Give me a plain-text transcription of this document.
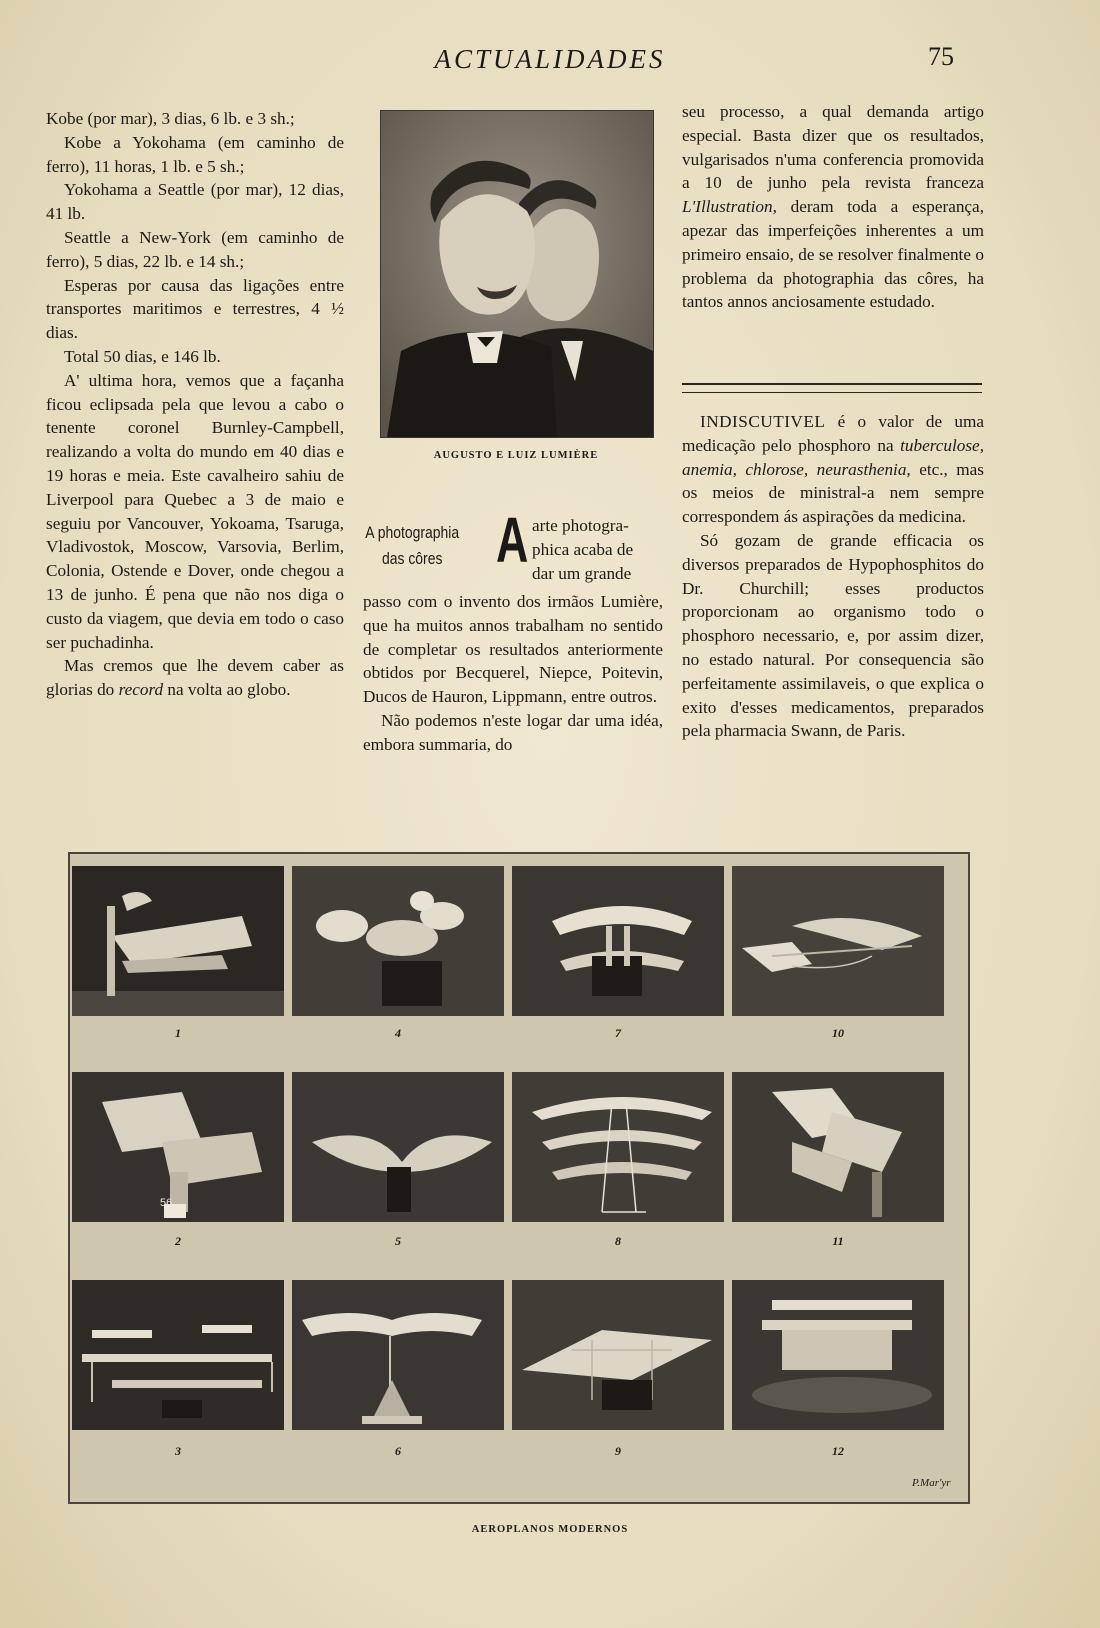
ACTUALIDADES	75

Kobe (por mar), 3 dias, 6 lb. e 3 sh.;

Kobe a Yokohama (em caminho de ferro), 11 horas, 1 lb. e 5 sh.;

Yokohama a Seattle (por mar), 12 dias, 41 lb.

Seattle a New-York (em caminho de ferro), 5 dias, 22 lb. e 14 sh.;

Esperas por causa das ligações entre transportes maritimos e terrestres, 4 ½ dias.

Total 50 dias, e 146 lb.

A' ultima hora, vemos que a façanha ficou eclipsada pela que levou a cabo o tenente coronel Burnley-Campbell, realizando a volta do mundo em 40 dias e 19 horas e meia. Este cavalheiro sahiu de Liverpool para Quebec a 3 de maio e seguiu por Vancouver, Yokoama, Tsaruga, Vladivostok, Moscow, Varsovia, Berlim, Colonia, Ostende e Dover, onde chegou a 13 de junho. É pena que não nos diga o custo da viagem, que devia em todo o caso ser puchadinha.

Mas cremos que lhe devem caber as glorias do record na volta ao globo.

AUGUSTO E LUIZ LUMIÈRE
A photographia
das côres A arte photogra-
phica acaba de
dar um grande

passo com o invento dos irmãos Lumière, que ha muitos annos trabalham no sentido de completar os resultados anteriormente obtidos por Becquerel, Niepce, Poitevin, Ducos de Hauron, Lippmann, entre outros.

Não podemos n'este logar dar uma idéa, embora summaria, do

seu processo, a qual demanda artigo especial. Basta dizer que os resultados, vulgarisados n'uma conferencia promovida a 10 de junho pela revista franceza L'Illustration, deram toda a esperança, apezar das imperfeições inherentes a um primeiro ensaio, de se resolver finalmente o problema da photographia das côres, ha tantos annos anciosamente estudado.

INDISCUTIVEL é o valor de uma medicação pelo phosphoro na tuberculose, anemia, chlorose, neurasthenia, etc., mas os meios de ministral-a nem sempre correspondem ás aspirações da medicina.

Só gozam de grande efficacia os diversos preparados de Hypophosphitos do Dr. Churchill; esses productos proporcionam ao organismo todo o phosphoro necessario, e, por assim dizer, no estado natural. Por consequencia são perfeitamente assimilaveis, o que explica o exito d'esses medicamentos, preparados pela pharmacia Swann, de Paris.

1	4	7	10
2	5	8	11
3	6	9	12
56
P.Mar'yr
AEROPLANOS MODERNOS
